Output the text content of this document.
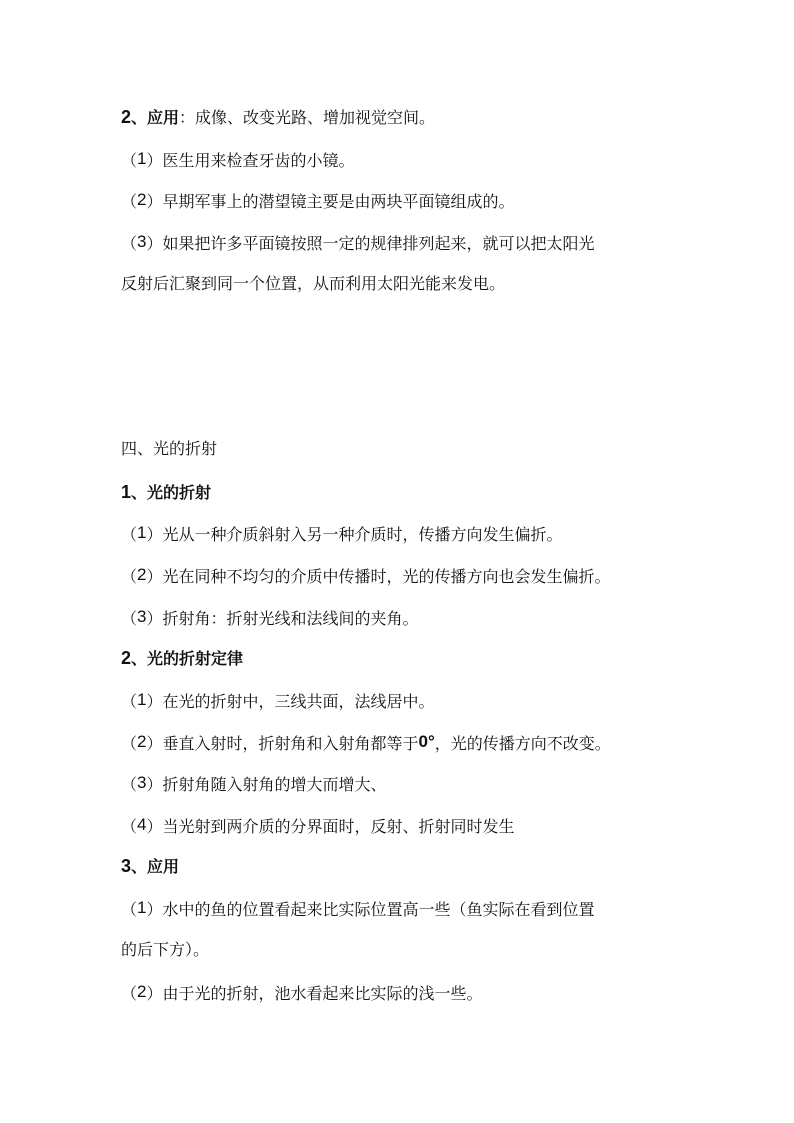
2、应用：成像、改变光路、增加视觉空间。
（1）医生用来检查牙齿的小镜。
（2）早期军事上的潜望镜主要是由两块平面镜组成的。
（3）如果把许多平面镜按照一定的规律排列起来，就可以把太阳光
反射后汇聚到同一个位置，从而利用太阳光能来发电。
四、光的折射
1、光的折射
（1）光从一种介质斜射入另一种介质时，传播方向发生偏折。
（2）光在同种不均匀的介质中传播时，光的传播方向也会发生偏折。
（3）折射角：折射光线和法线间的夹角。
2、光的折射定律
（1）在光的折射中，三线共面，法线居中。
（2）垂直入射时，折射角和入射角都等于0°，光的传播方向不改变。
（3）折射角随入射角的增大而增大、
（4）当光射到两介质的分界面时，反射、折射同时发生
3、应用
（1）水中的鱼的位置看起来比实际位置高一些（鱼实际在看到位置
的后下方）。
（2）由于光的折射，池水看起来比实际的浅一些。
